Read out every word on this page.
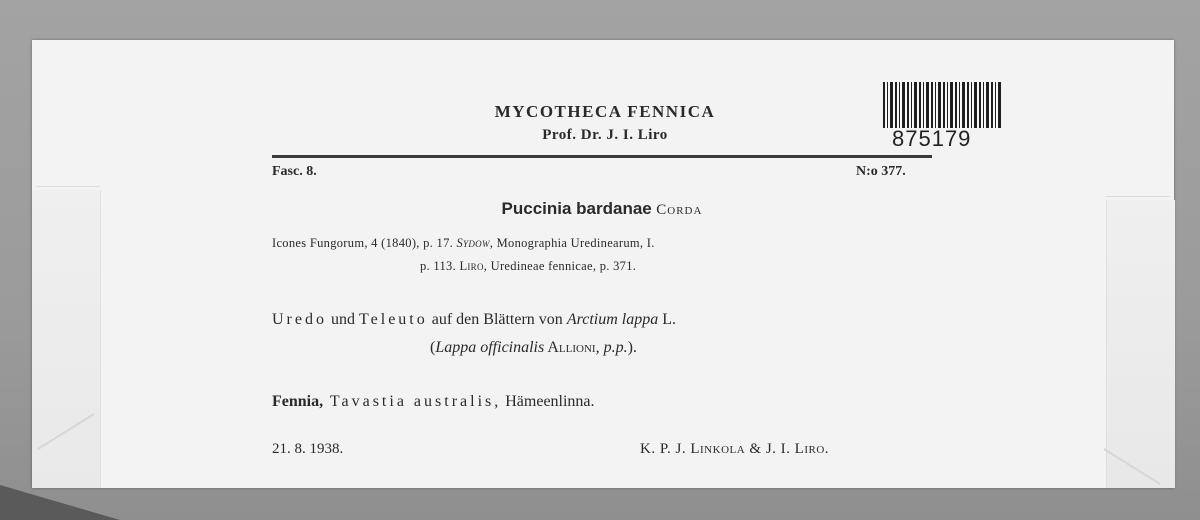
MYCOTHECA FENNICA
Prof. Dr. J. I. Liro	875179
Fasc. 8.	N:o 377.
Puccinia bardanae Corda
Icones Fungorum, 4 (1840), p. 17. Sydow, Monographia Uredinearum, I.
p. 113. Liro, Uredineae fennicae, p. 371.
Uredo und Teleuto auf den Blättern von Arctium lappa L.
(Lappa officinalis Allioni, p.p.).
Fennia, Tavastia australis, Hämeenlinna.
21. 8. 1938.	K. P. J. Linkola & J. I. Liro.
